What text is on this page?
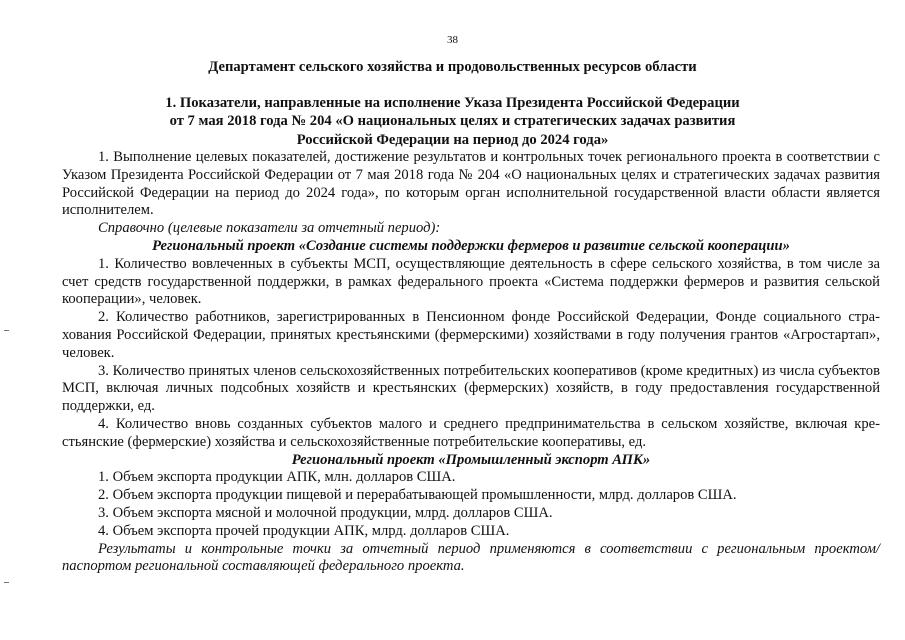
38
Департамент сельского хозяйства и продовольственных ресурсов области
1. Показатели, направленные на исполнение Указа Президента Российской Федерации
от 7 мая 2018 года № 204 «О национальных целях и стратегических задачах развития
Российской Федерации на период до 2024 года»

1. Выполнение целевых показателей, достижение результатов и контрольных точек регионального проекта в соответствии с Указом Президента Российской Федерации от 7 мая 2018 года № 204 «О национальных целях и стратегических задачах развития Российской Федерации на период до 2024 года», по которым орган исполнительной государственной власти области является исполнителем.

Справочно (целевые показатели за отчетный период):

Региональный проект «Создание системы поддержки фермеров и развитие сельской кооперации»

1. Количество вовлеченных в субъекты МСП, осуществляющие деятельность в сфере сельского хозяйства, в том числе за счет средств государственной поддержки, в рамках федерального проекта «Система поддержки фермеров и развития сельской кооперации», человек.

2. Количество работников, зарегистрированных в Пенсионном фонде Российской Федерации, Фонде социального страхования Российской Федерации, принятых крестьянскими (фермерскими) хозяйствами в году получения грантов «Агростартап», человек.

3. Количество принятых членов сельскохозяйственных потребительских кооперативов (кроме кредитных) из числа субъектов МСП, включая личных подсобных хозяйств и крестьянских (фермерских) хозяйств, в году предоставления государственной поддержки, ед.

4. Количество вновь созданных субъектов малого и среднего предпринимательства в сельском хозяйстве, включая крестьянские (фермерские) хозяйства и сельскохозяйственные потребительские кооперативы, ед.

Региональный проект «Промышленный экспорт АПК»

1. Объем экспорта продукции АПК, млн. долларов США.

2. Объем экспорта продукции пищевой и перерабатывающей промышленности, млрд. долларов США.

3. Объем экспорта мясной и молочной продукции, млрд. долларов США.

4. Объем экспорта прочей продукции АПК, млрд. долларов США.

Результаты и контрольные точки за отчетный период применяются в соответствии с региональным проектом/паспортом региональной составляющей федерального проекта.
